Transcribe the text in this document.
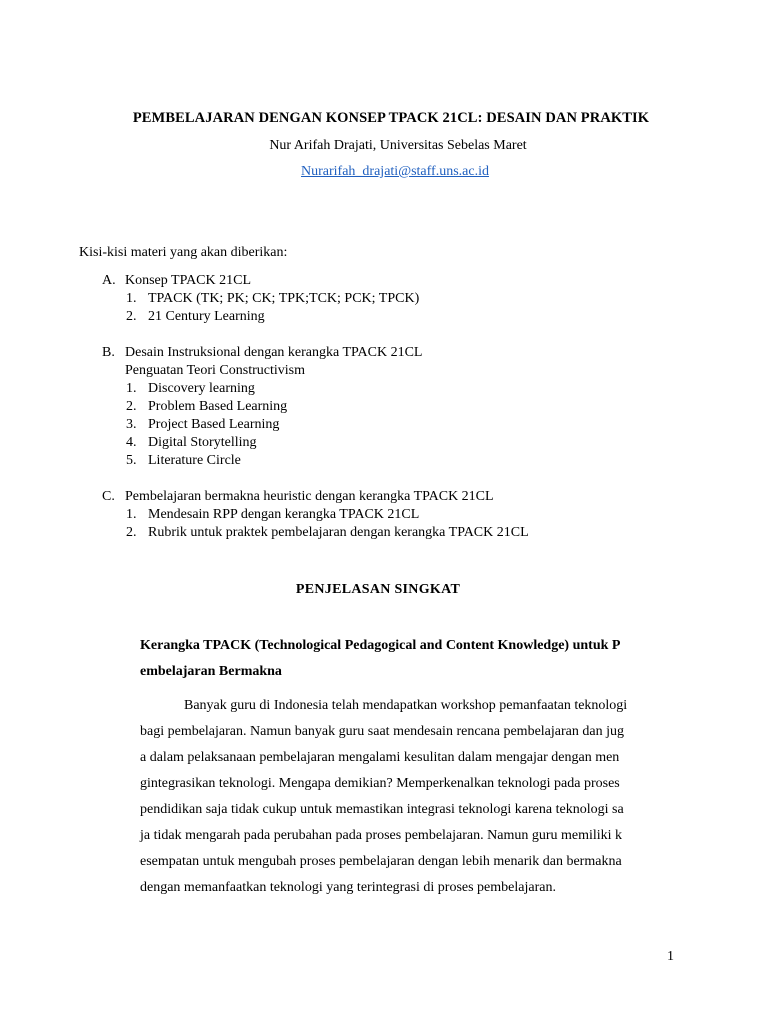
PEMBELAJARAN DENGAN KONSEP TPACK 21CL: DESAIN DAN PRAKTIK
Nur Arifah Drajati, Universitas Sebelas Maret
Nurarifah_drajati@staff.uns.ac.id
Kisi-kisi materi yang akan diberikan:
A. Konsep TPACK 21CL
1. TPACK (TK; PK; CK; TPK;TCK; PCK; TPCK)
2. 21 Century Learning
B. Desain Instruksional dengan kerangka TPACK 21CL
Penguatan Teori Constructivism
1. Discovery learning
2. Problem Based Learning
3. Project Based Learning
4. Digital Storytelling
5. Literature Circle
C. Pembelajaran bermakna heuristic dengan kerangka TPACK 21CL
1. Mendesain RPP dengan kerangka TPACK 21CL
2. Rubrik untuk praktek pembelajaran dengan kerangka TPACK 21CL
PENJELASAN SINGKAT
Kerangka TPACK (Technological Pedagogical and Content Knowledge) untuk P
embelajaran Bermakna
Banyak guru di Indonesia telah mendapatkan workshop pemanfaatan teknologi
bagi pembelajaran. Namun banyak guru saat mendesain rencana pembelajaran dan jug
a dalam pelaksanaan pembelajaran mengalami kesulitan dalam mengajar dengan men
gintegrasikan teknologi. Mengapa demikian? Memperkenalkan teknologi pada proses
pendidikan saja tidak cukup untuk memastikan integrasi teknologi karena teknologi sa
ja tidak mengarah pada perubahan pada proses pembelajaran. Namun guru memiliki k
esempatan untuk mengubah proses pembelajaran dengan lebih menarik dan bermakna
dengan memanfaatkan teknologi yang terintegrasi di proses pembelajaran.
1
